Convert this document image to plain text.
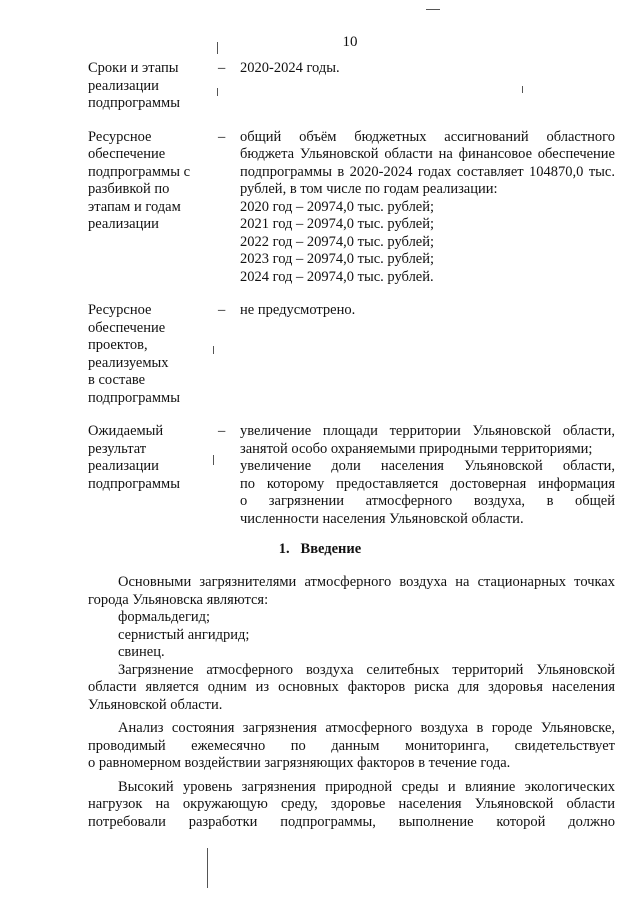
10
Сроки и этапы
реализации
подпрограммы
–	2020-2024 годы.
Ресурсное
обеспечение
подпрограммы с
разбивкой по
этапам и годам
реализации
–	общий объём бюджетных ассигнований областного
бюджета Ульяновской области на финансовое обеспечение
подпрограммы в 2020-2024 годах составляет 104870,0 тыс.
рублей, в том числе по годам реализации:
2020 год – 20974,0 тыс. рублей;
2021 год – 20974,0 тыс. рублей;
2022 год – 20974,0 тыс. рублей;
2023 год – 20974,0 тыс. рублей;
2024 год – 20974,0 тыс. рублей.
Ресурсное
обеспечение
проектов,
реализуемых
в составе
подпрограммы
–	не предусмотрено.
Ожидаемый
результат
реализации
подпрограммы
–	увеличение площади территории Ульяновской области,
занятой особо охраняемыми природными территориями;
увеличение доли населения Ульяновской области,
по которому предоставляется достоверная информация
о загрязнении атмосферного воздуха, в общей
численности населения Ульяновской области.
1. Введение

Основными загрязнителями атмосферного воздуха на стационарных точках

города Ульяновска являются:

формальдегид;

сернистый ангидрид;

свинец.

Загрязнение атмосферного воздуха селитебных территорий Ульяновской

области является одним из основных факторов риска для здоровья населения

Ульяновской области.

Анализ состояния загрязнения атмосферного воздуха в городе Ульяновске,

проводимый ежемесячно по данным мониторинга, свидетельствует

о равномерном воздействии загрязняющих факторов в течение года.

Высокий уровень загрязнения природной среды и влияние экологических

нагрузок на окружающую среду, здоровье населения Ульяновской области

потребовали разработки подпрограммы, выполнение которой должно
